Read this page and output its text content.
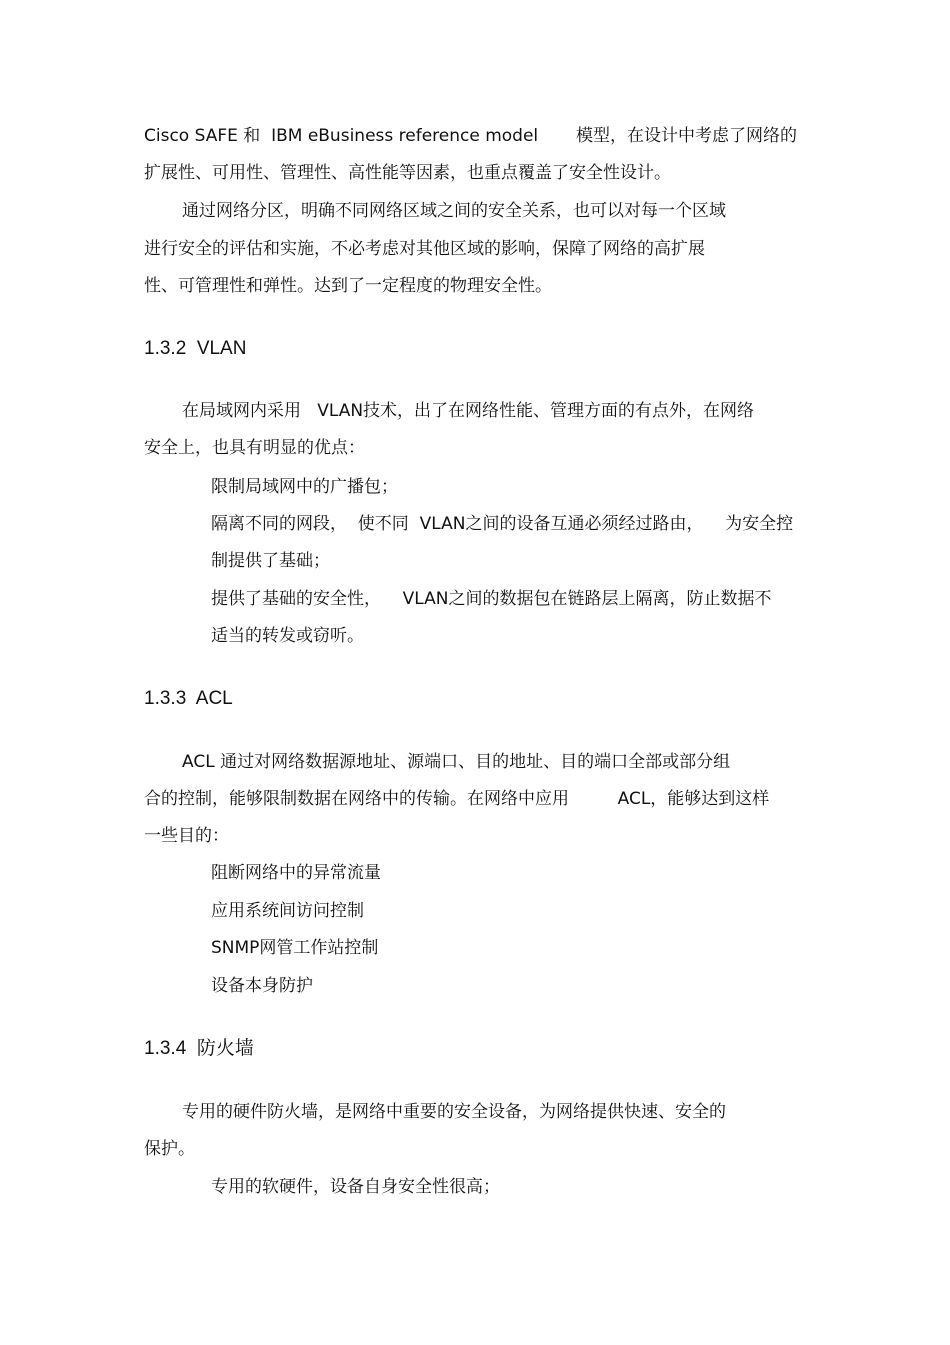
Cisco SAFE 和  IBM eBusiness reference model       模型，在设计中考虑了网络的
扩展性、可用性、管理性、高性能等因素，也重点覆盖了安全性设计。
通过网络分区，明确不同网络区域之间的安全关系，也可以对每一个区域
进行安全的评估和实施，不必考虑对其他区域的影响，保障了网络的高扩展
性、可管理性和弹性。达到了一定程度的物理安全性。
1.3.2  VLAN
在局域网内采用   VLAN技术，出了在网络性能、管理方面的有点外，在网络
安全上，也具有明显的优点：
限制局域网中的广播包；
隔离不同的网段，  使不同  VLAN之间的设备互通必须经过路由，    为安全控
制提供了基础；
提供了基础的安全性，    VLAN之间的数据包在链路层上隔离，防止数据不
适当的转发或窃听。
1.3.3  ACL
ACL 通过对网络数据源地址、源端口、目的地址、目的端口全部或部分组
合的控制，能够限制数据在网络中的传输。在网络中应用         ACL，能够达到这样
一些目的：
阻断网络中的异常流量
应用系统间访问控制
SNMP网管工作站控制
设备本身防护
1.3.4  防火墙
专用的硬件防火墙，是网络中重要的安全设备，为网络提供快速、安全的
保护。
专用的软硬件，设备自身安全性很高；
